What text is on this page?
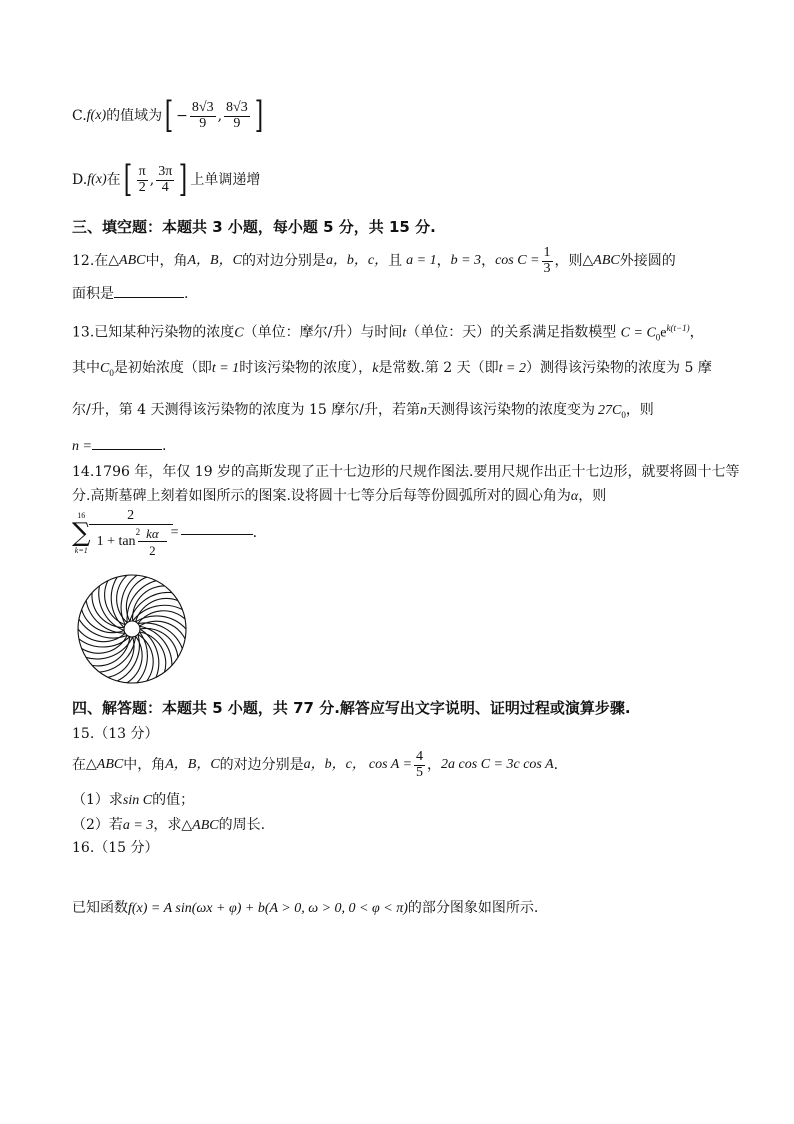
C. f(x) 的值域为 [ − $\frac{8√3}{9}$ , $\frac{8√3}{9}$ ]
D. f(x) 在 [ $\frac{\pi}{2}$ , $\frac{3\pi}{4}$ ] 上单调递增
三、填空题：本题共 3 小题，每小题 5 分，共 15 分.
12.在 △ABC 中，角 A，B，C 的对边分别是 a，b，c， 且 a = 1 ， b = 3 ， $\cos C = \frac{1}{3}$ ，则 △ABC 外接圆的
面积是	.
13.已知某种污染物的浓度C（单位：摩尔/升）与时间t（单位：天）的关系满足指数模型 $C = C_0e^{k(t-1)}$，
其中$C_0$是初始浓度（即t = 1时该污染物的浓度），k是常数.第 2 天（即t = 2）测得该污染物的浓度为 5 摩
尔/升，第 4 天测得该污染物的浓度为 15 摩尔/升，若第n天测得该污染物的浓度变为 $27C_0$，则
n =	.
14.1796 年，年仅 19 岁的高斯发现了正十七边形的尺规作图法.要用尺规作出正十七边形，就要将圆十七等
分.高斯墓碑上刻着如图所示的图案.设将圆十七等分后每等份圆弧所对的圆心角为α，则
16
∑
k=1 2
1 + tan
$^2 \frac{k\alpha}{2}$ =	.
四、解答题：本题共 5 小题，共 77 分.解答应写出文字说明、证明过程或演算步骤.
15.（13 分）
在 △ABC 中，角 A，B，C 的对边分别是 a，b，c， $\cos A = \frac{4}{5}$ ， 2a cos C = 3c cos A .
（1）求sin C的值；
（2）若a = 3，求△ABC的周长.
16.（15 分）
已知函数f(x) = A sin(ωx + φ) + b(A > 0, ω > 0, 0 < φ < π)的部分图象如图所示.
